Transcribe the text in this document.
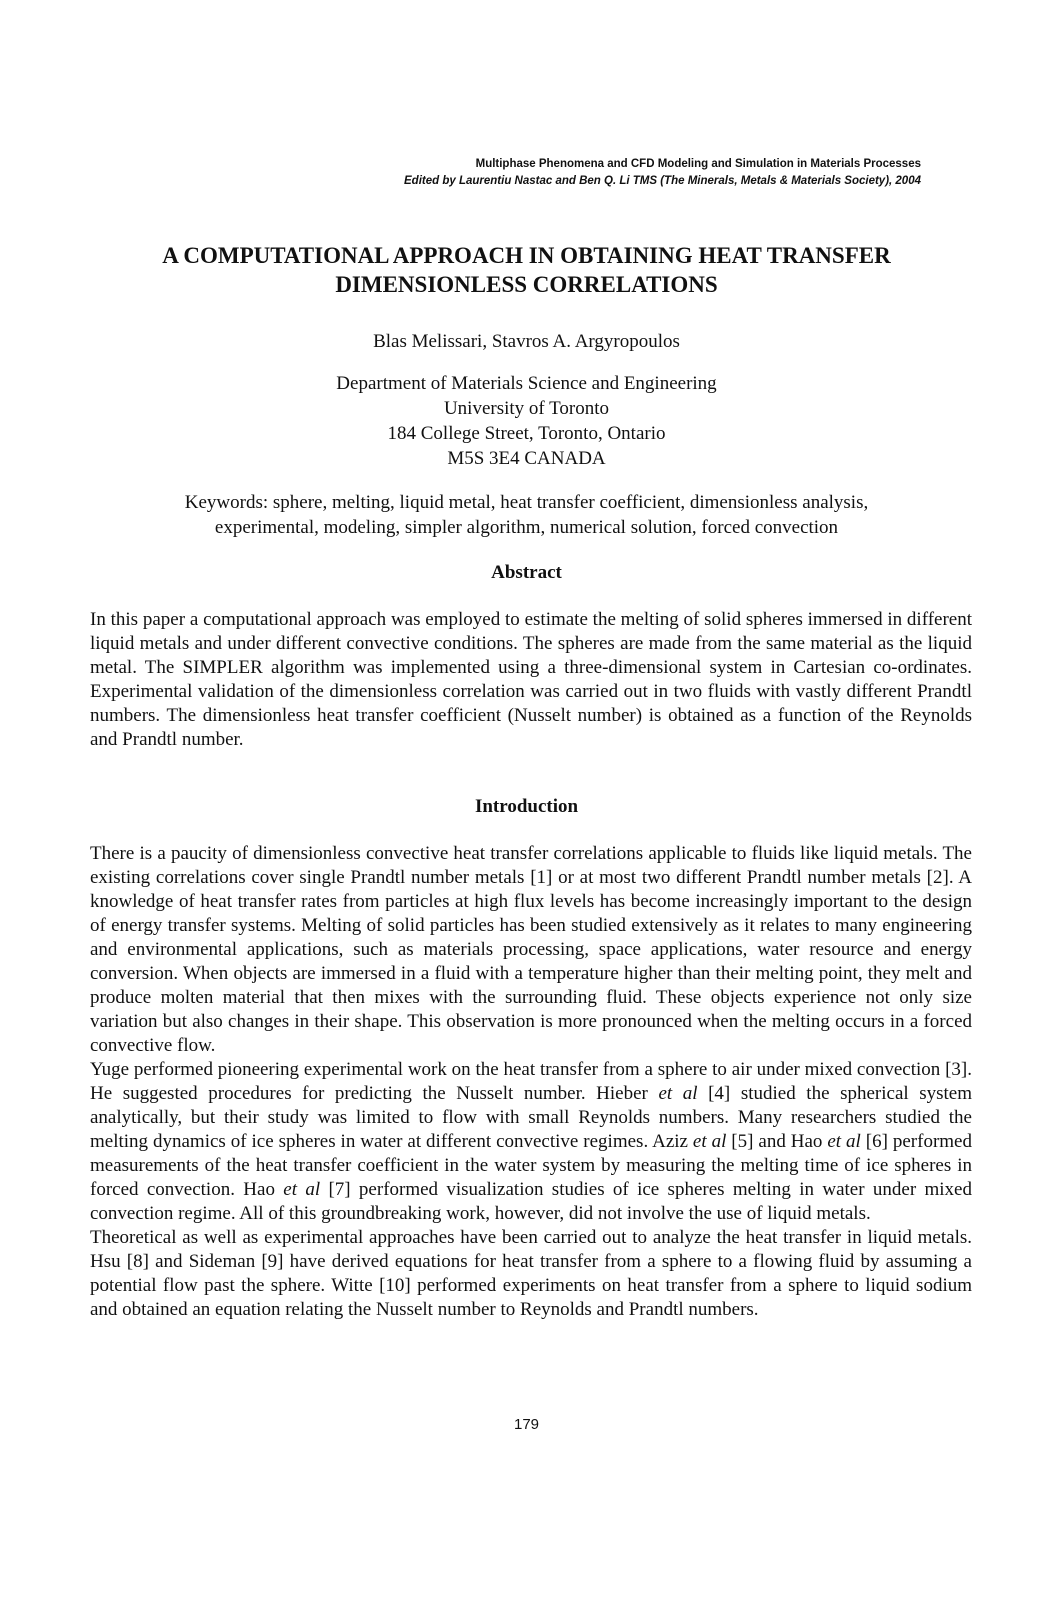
Multiphase Phenomena and CFD Modeling and Simulation in Materials Processes
Edited by Laurentiu Nastac and Ben Q. Li TMS (The Minerals, Metals & Materials Society), 2004
A COMPUTATIONAL APPROACH IN OBTAINING HEAT TRANSFER
DIMENSIONLESS CORRELATIONS
Blas Melissari, Stavros A. Argyropoulos
Department of Materials Science and Engineering
University of Toronto
184 College Street, Toronto, Ontario
M5S 3E4 CANADA
Keywords: sphere, melting, liquid metal, heat transfer coefficient, dimensionless analysis,
experimental, modeling, simpler algorithm, numerical solution, forced convection
Abstract
In this paper a computational approach was employed to estimate the melting of solid spheres immersed in different liquid metals and under different convective conditions. The spheres are made from the same material as the liquid metal. The SIMPLER algorithm was implemented using a three-dimensional system in Cartesian co-ordinates. Experimental validation of the dimensionless correlation was carried out in two fluids with vastly different Prandtl numbers. The dimensionless heat transfer coefficient (Nusselt number) is obtained as a function of the Reynolds and Prandtl number.
Introduction

There is a paucity of dimensionless convective heat transfer correlations applicable to fluids like liquid metals. The existing correlations cover single Prandtl number metals [1] or at most two different Prandtl number metals [2]. A knowledge of heat transfer rates from particles at high flux levels has become increasingly important to the design of energy transfer systems. Melting of solid particles has been studied extensively as it relates to many engineering and environmental applications, such as materials processing, space applications, water resource and energy conversion. When objects are immersed in a fluid with a temperature higher than their melting point, they melt and produce molten material that then mixes with the surrounding fluid. These objects experience not only size variation but also changes in their shape. This observation is more pronounced when the melting occurs in a forced convective flow.

Yuge performed pioneering experimental work on the heat transfer from a sphere to air under mixed convection [3]. He suggested procedures for predicting the Nusselt number. Hieber et al [4] studied the spherical system analytically, but their study was limited to flow with small Reynolds numbers. Many researchers studied the melting dynamics of ice spheres in water at different convective regimes. Aziz et al [5] and Hao et al [6] performed measurements of the heat transfer coefficient in the water system by measuring the melting time of ice spheres in forced convection. Hao et al [7] performed visualization studies of ice spheres melting in water under mixed convection regime. All of this groundbreaking work, however, did not involve the use of liquid metals.

Theoretical as well as experimental approaches have been carried out to analyze the heat transfer in liquid metals. Hsu [8] and Sideman [9] have derived equations for heat transfer from a sphere to a flowing fluid by assuming a potential flow past the sphere. Witte [10] performed experiments on heat transfer from a sphere to liquid sodium and obtained an equation relating the Nusselt number to Reynolds and Prandtl numbers.

179
